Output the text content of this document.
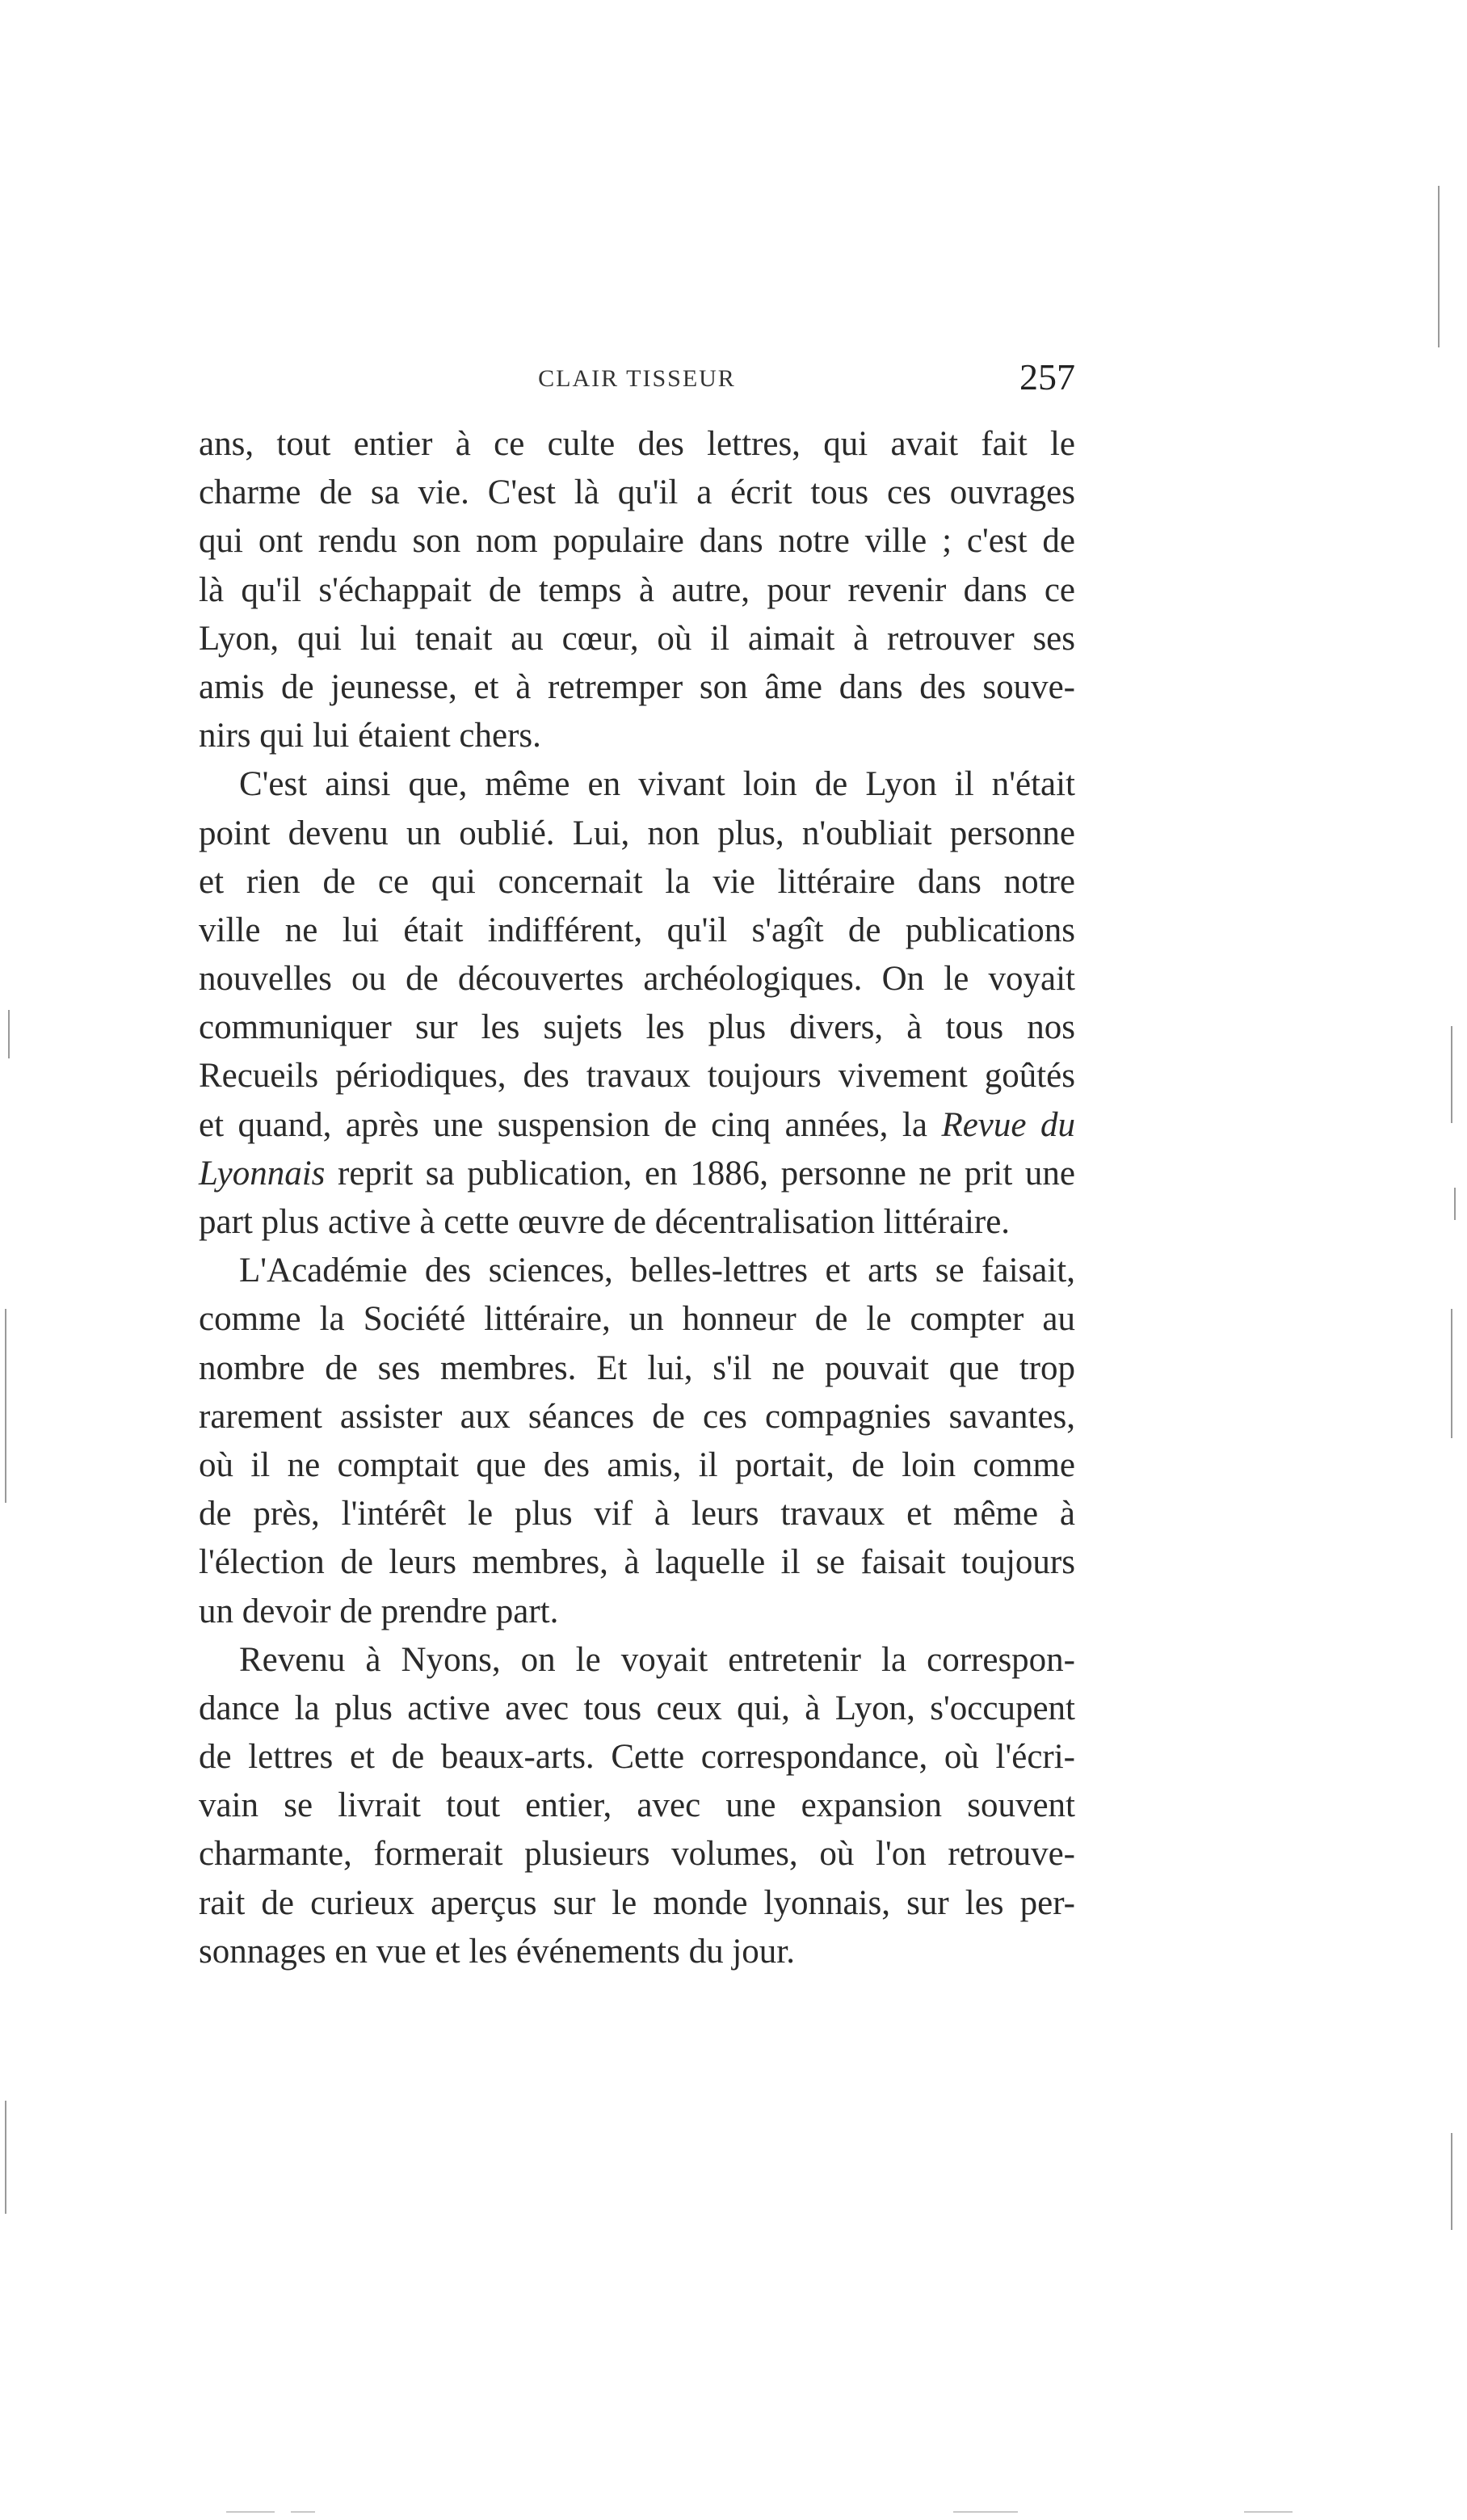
CLAIR TISSEUR	257
ans, tout entier à ce culte des lettres, qui avait fait le
charme de sa vie. C'est là qu'il a écrit tous ces ouvrages
qui ont rendu son nom populaire dans notre ville ; c'est de
là qu'il s'échappait de temps à autre, pour revenir dans ce
Lyon, qui lui tenait au cœur, où il aimait à retrouver ses
amis de jeunesse, et à retremper son âme dans des souve-
nirs qui lui étaient chers.
C'est ainsi que, même en vivant loin de Lyon il n'était
point devenu un oublié. Lui, non plus, n'oubliait personne
et rien de ce qui concernait la vie littéraire dans notre
ville ne lui était indifférent, qu'il s'agît de publications
nouvelles ou de découvertes archéologiques. On le voyait
communiquer sur les sujets les plus divers, à tous nos
Recueils périodiques, des travaux toujours vivement goûtés
et quand, après une suspension de cinq années, la Revue du
Lyonnais reprit sa publication, en 1886, personne ne prit une
part plus active à cette œuvre de décentralisation littéraire.
L'Académie des sciences, belles-lettres et arts se faisait,
comme la Société littéraire, un honneur de le compter au
nombre de ses membres. Et lui, s'il ne pouvait que trop
rarement assister aux séances de ces compagnies savantes,
où il ne comptait que des amis, il portait, de loin comme
de près, l'intérêt le plus vif à leurs travaux et même à
l'élection de leurs membres, à laquelle il se faisait toujours
un devoir de prendre part.
Revenu à Nyons, on le voyait entretenir la correspon-
dance la plus active avec tous ceux qui, à Lyon, s'occupent
de lettres et de beaux-arts. Cette correspondance, où l'écri-
vain se livrait tout entier, avec une expansion souvent
charmante, formerait plusieurs volumes, où l'on retrouve-
rait de curieux aperçus sur le monde lyonnais, sur les per-
sonnages en vue et les événements du jour.
